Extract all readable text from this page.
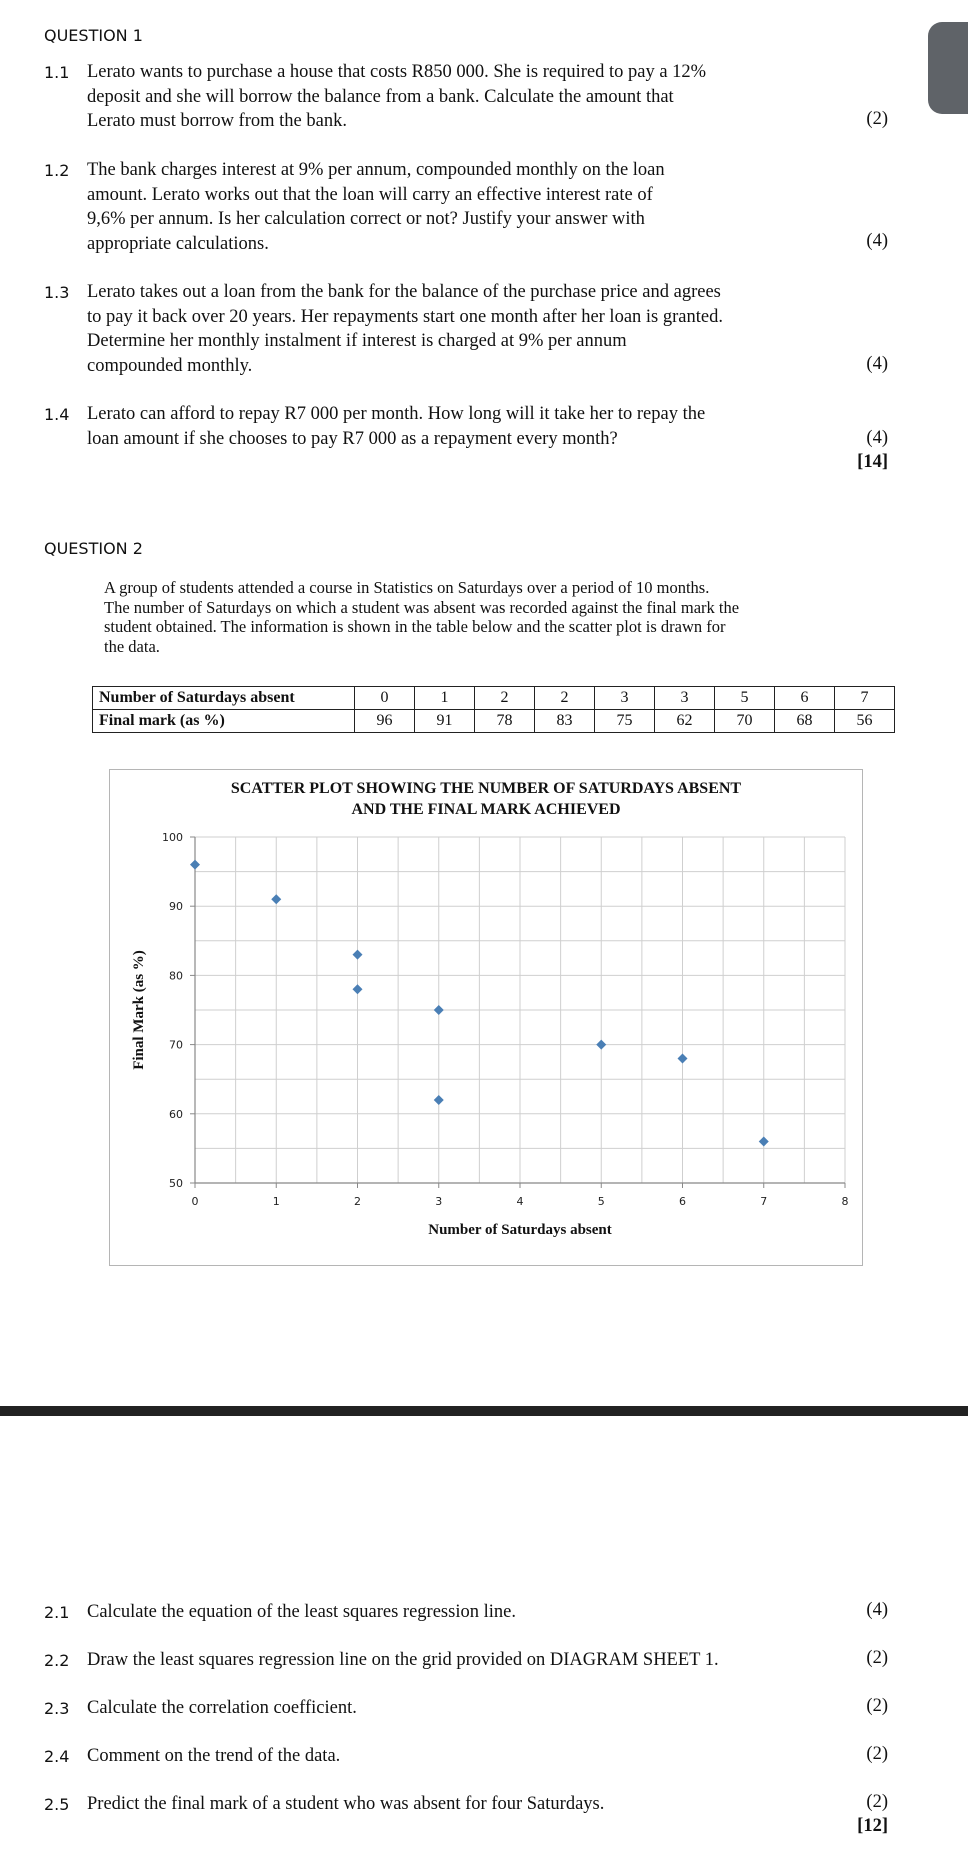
QUESTION 1
1.1 Lerato wants to purchase a house that costs R850 000. She is required to pay a 12%
deposit and she will borrow the balance from a bank. Calculate the amount that
Lerato must borrow from the bank.	(2)
1.2 The bank charges interest at 9% per annum, compounded monthly on the loan
amount. Lerato works out that the loan will carry an effective interest rate of
9,6% per annum. Is her calculation correct or not? Justify your answer with
appropriate calculations.	(4)
1.3 Lerato takes out a loan from the bank for the balance of the purchase price and agrees
to pay it back over 20 years. Her repayments start one month after her loan is granted.
Determine her monthly instalment if interest is charged at 9% per annum
compounded monthly.	(4)
1.4 Lerato can afford to repay R7 000 per month. How long will it take her to repay the
loan amount if she chooses to pay R7 000 as a repayment every month?	(4)
[14]
QUESTION 2
A group of students attended a course in Statistics on Saturdays over a period of 10 months.
The number of Saturdays on which a student was absent was recorded against the final mark the
student obtained. The information is shown in the table below and the scatter plot is drawn for
the data.
Number of Saturdays absent	0	1	2	2	3	3	5	6	7
Final mark (as %)	96	91	78	83	75	62	70	68	56
SCATTER PLOT SHOWING THE NUMBER OF SATURDAYS ABSENT
AND THE FINAL MARK ACHIEVED
50
60
70
80
90
100
0	1	2	3	4	5	6	7	8
Number of Saturdays absent
Final Mark (as %)
2.1 Calculate the equation of the least squares regression line.	(4)
2.2 Draw the least squares regression line on the grid provided on DIAGRAM SHEET 1.	(2)
2.3 Calculate the correlation coefficient.	(2)
2.4 Comment on the trend of the data.	(2)
2.5 Predict the final mark of a student who was absent for four Saturdays.	(2)
[12]
